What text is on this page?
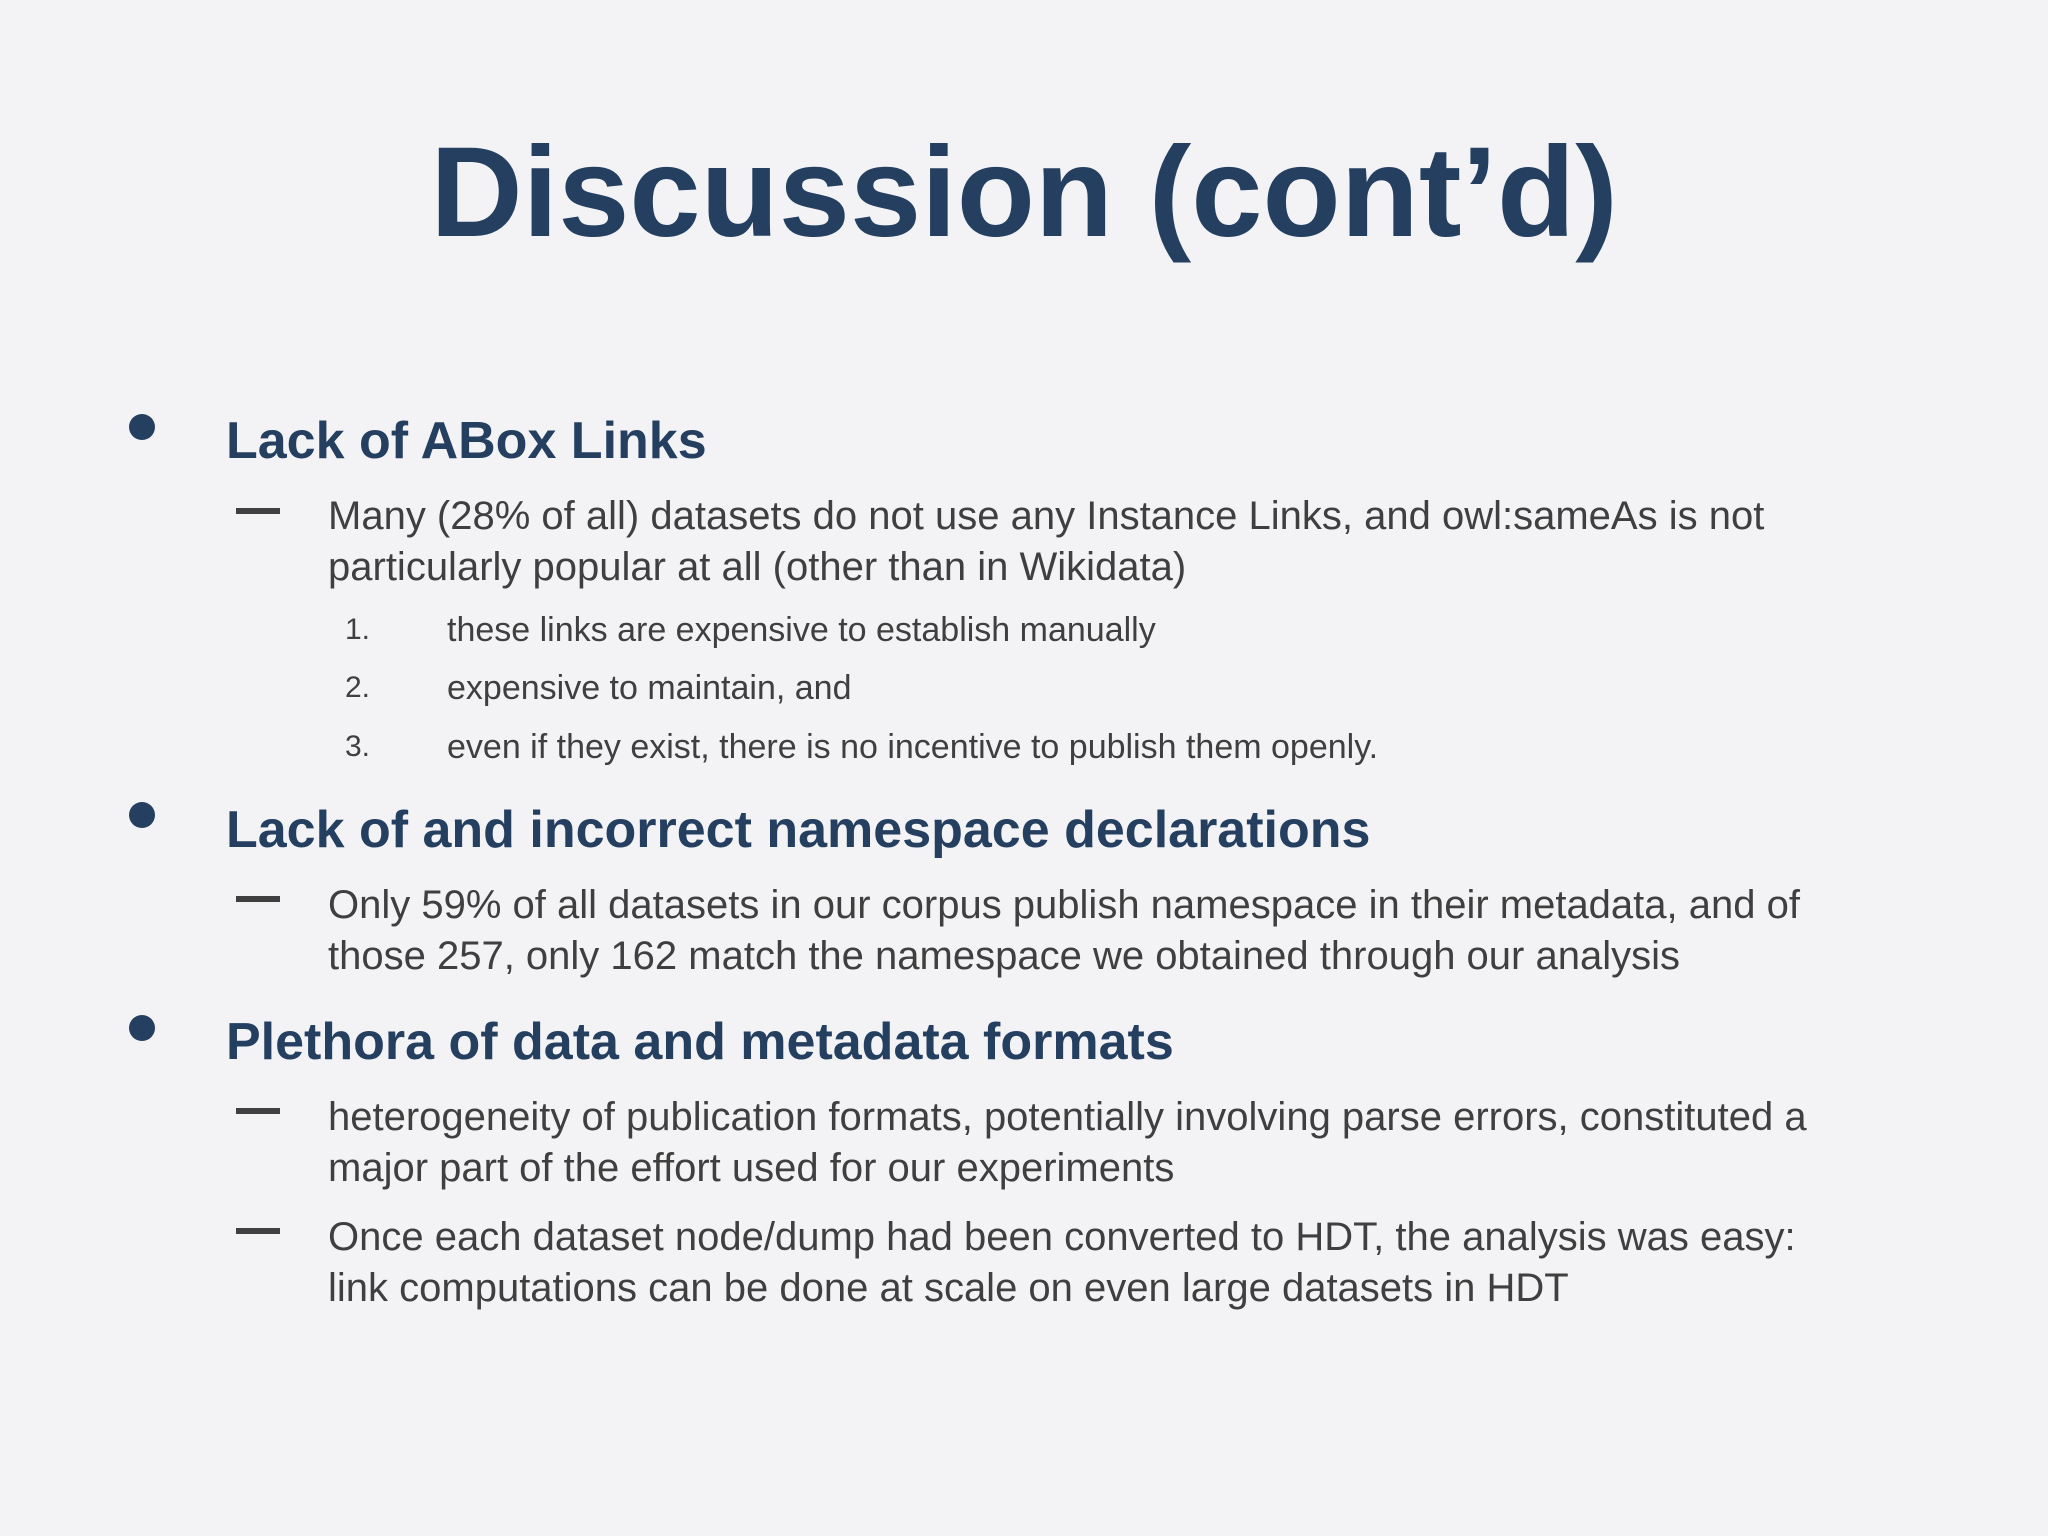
Discussion (cont’d)
Lack of ABox Links
Many (28% of all) datasets do not use any Instance Links, and owl:sameAs is not
particularly popular at all (other than in Wikidata)
1. these links are expensive to establish manually
2. expensive to maintain, and
3. even if they exist, there is no incentive to publish them openly.
Lack of and incorrect namespace declarations
Only 59% of all datasets in our corpus publish namespace in their metadata, and of
those 257, only 162 match the namespace we obtained through our analysis
Plethora of data and metadata formats
heterogeneity of publication formats, potentially involving parse errors, constituted a
major part of the effort used for our experiments
Once each dataset node/dump had been converted to HDT, the analysis was easy:
link computations can be done at scale on even large datasets in HDT
